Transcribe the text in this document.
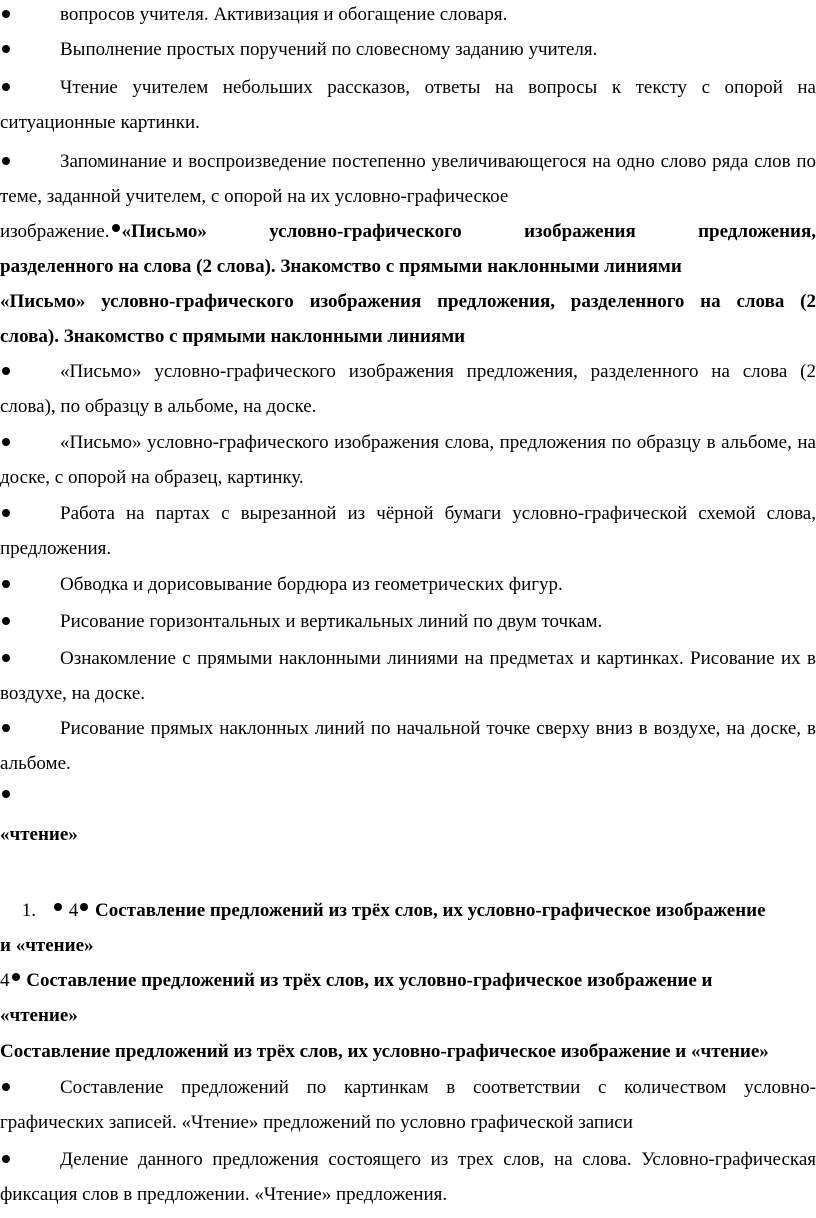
вопросов учителя. Активизация и обогащение словаря.
Выполнение простых поручений по словесному заданию учителя.
Чтение учителем небольших рассказов, ответы на вопросы к тексту с опорой на ситуационные картинки.
Запоминание и воспроизведение постепенно увеличивающегося на одно слово ряда слов по теме, заданной учителем, с опорой на их условно-графическое
изображение. «Письмо» условно-графического изображения предложения,
разделенного на слова (2 слова). Знакомство с прямыми наклонными линиями
«Письмо» условно-графического изображения предложения, разделенного на слова (2
слова). Знакомство с прямыми наклонными линиями
«Письмо» условно-графического изображения предложения, разделенного на слова (2 слова), по образцу в альбоме, на доске.
«Письмо» условно-графического изображения слова, предложения по образцу в альбоме, на доске, с опорой на образец, картинку.
Работа на партах с вырезанной из чёрной бумаги условно-графической схемой слова, предложения.
Обводка и дорисовывание бордюра из геометрических фигур.
Рисование горизонтальных и вертикальных линий по двум точкам.
Ознакомление с прямыми наклонными линиями на предметах и картинках. Рисование их в воздухе, на доске.
Рисование прямых наклонных линий по начальной точке сверху вниз в воздухе, на доске, в альбоме.
«чтение»
1. 4 Составление предложений из трёх слов, их условно-графическое изображение
и «чтение»
4 Составление предложений из трёх слов, их условно-графическое изображение и
«чтение»
Составление предложений из трёх слов, их условно-графическое изображение и «чтение»
Составление предложений по картинкам в соответствии с количеством условно-графических записей. «Чтение» предложений по условно графической записи
Деление данного предложения состоящего из трех слов, на слова. Условно-графическая фиксация слов в предложении. «Чтение» предложения.
